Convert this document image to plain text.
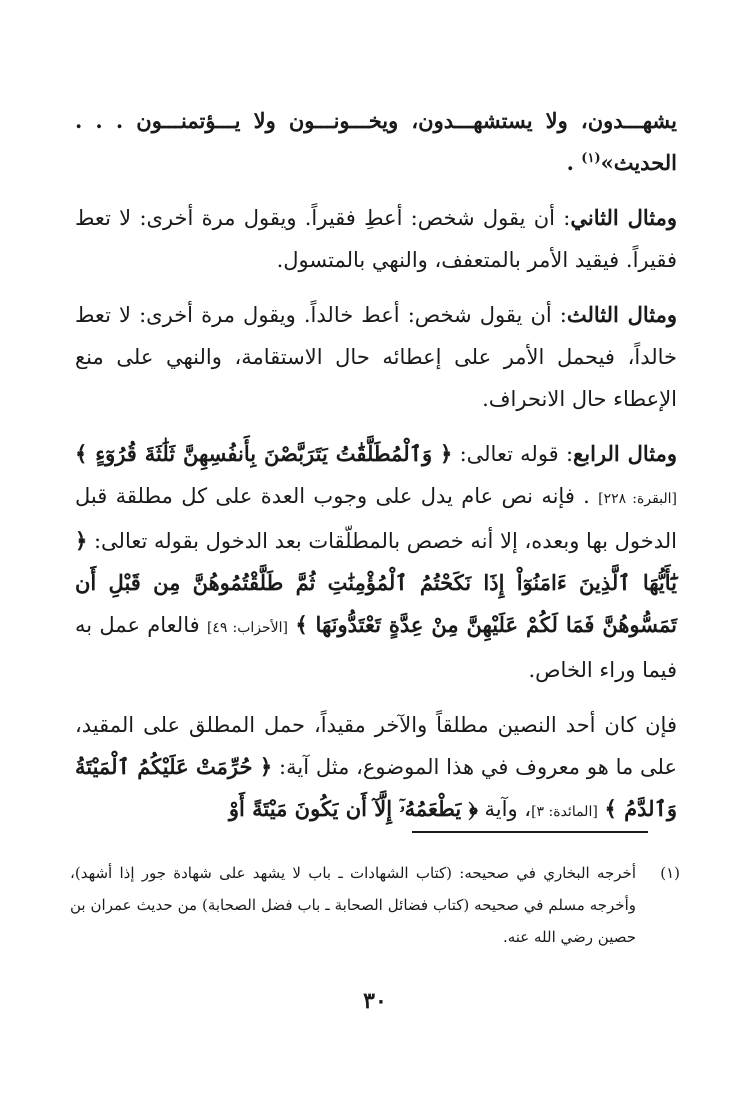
يشهـــدون، ولا يستشهـــدون، ويخـــونـــون ولا يـــؤتمنـــون . . . الحديث»$^{(١)}$ .

ومثال الثاني: أن يقول شخص: أعطِ فقيراً. ويقول مرة أخرى: لا تعط فقيراً. فيقيد الأمر بالمتعفف، والنهي بالمتسول.

ومثال الثالث: أن يقول شخص: أعط خالداً. ويقول مرة أخرى: لا تعط خالداً، فيحمل الأمر على إعطائه حال الاستقامة، والنهي على منع الإعطاء حال الانحراف.

ومثال الرابع: قوله تعالى: ﴿ وَٱلْمُطَلَّقَٰتُ يَتَرَبَّصْنَ بِأَنفُسِهِنَّ ثَلَٰثَةَ قُرُوٓءٍ ﴾ [البقرة: ٢٢٨] . فإنه نص عام يدل على وجوب العدة على كل مطلقة قبل الدخول بها وبعده، إلا أنه خصص بالمطلّقات بعد الدخول بقوله تعالى: ﴿ يَٰٓأَيُّهَا ٱلَّذِينَ ءَامَنُوٓاْ إِذَا نَكَحْتُمُ ٱلْمُؤْمِنَٰتِ ثُمَّ طَلَّقْتُمُوهُنَّ مِن قَبْلِ أَن تَمَسُّوهُنَّ فَمَا لَكُمْ عَلَيْهِنَّ مِنْ عِدَّةٍ تَعْتَدُّونَهَا ﴾ [الأحزاب: ٤٩] فالعام عمل به فيما وراء الخاص.

فإن كان أحد النصين مطلقاً والآخر مقيداً، حمل المطلق على المقيد، على ما هو معروف في هذا الموضوع، مثل آية: ﴿ حُرِّمَتْ عَلَيْكُمُ ٱلْمَيْتَةُ وَٱلدَّمُ ﴾ [المائدة: ٣]، وآية ﴿ يَطْعَمُهُۥٓ إِلَّآ أَن يَكُونَ مَيْتَةً أَوْ

(١)
أخرجه البخاري في صحيحه: (كتاب الشهادات ـ باب لا يشهد على شهادة جور إذا أشهد)، وأخرجه مسلم في صحيحه (كتاب فضائل الصحابة ـ باب فضل الصحابة) من حديث عمران بن حصين رضي الله عنه.
٣٠
